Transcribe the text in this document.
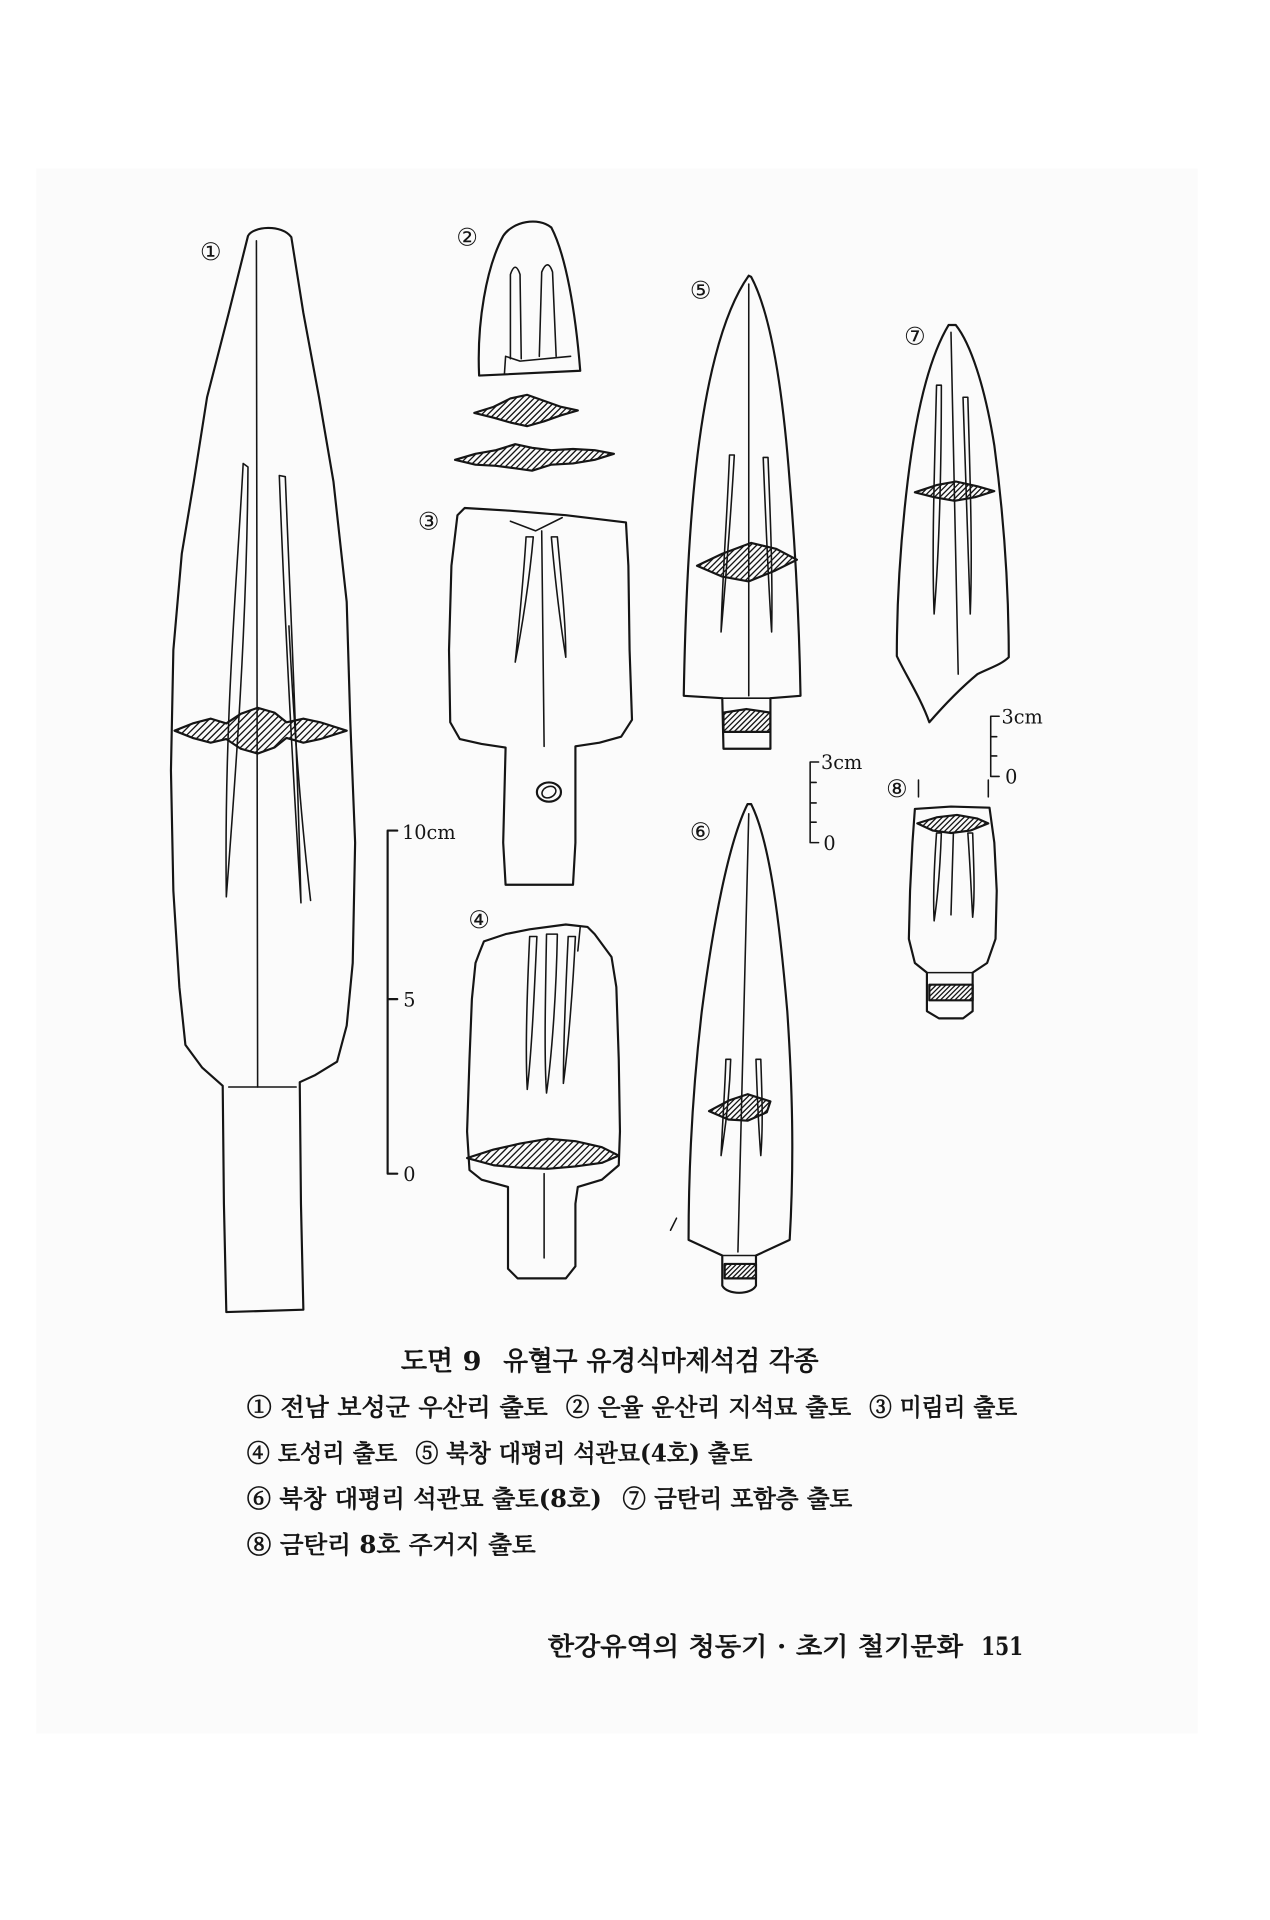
①
②
③
④
⑤
⑥
⑦
⑧
10cm
5
0
3cm
0
3cm
0
도면 9 유혈구 유경식마제석검 각종
① 전남 보성군 우산리 출토 ② 은율 운산리 지석묘 출토 ③ 미림리 출토
④ 토성리 출토 ⑤ 북창 대평리 석관묘(4호) 출토
⑥ 북창 대평리 석관묘 출토(8호) ⑦ 금탄리 포함층 출토
⑧ 금탄리 8호 주거지 출토
한강유역의 청동기 · 초기 철기문화 151
